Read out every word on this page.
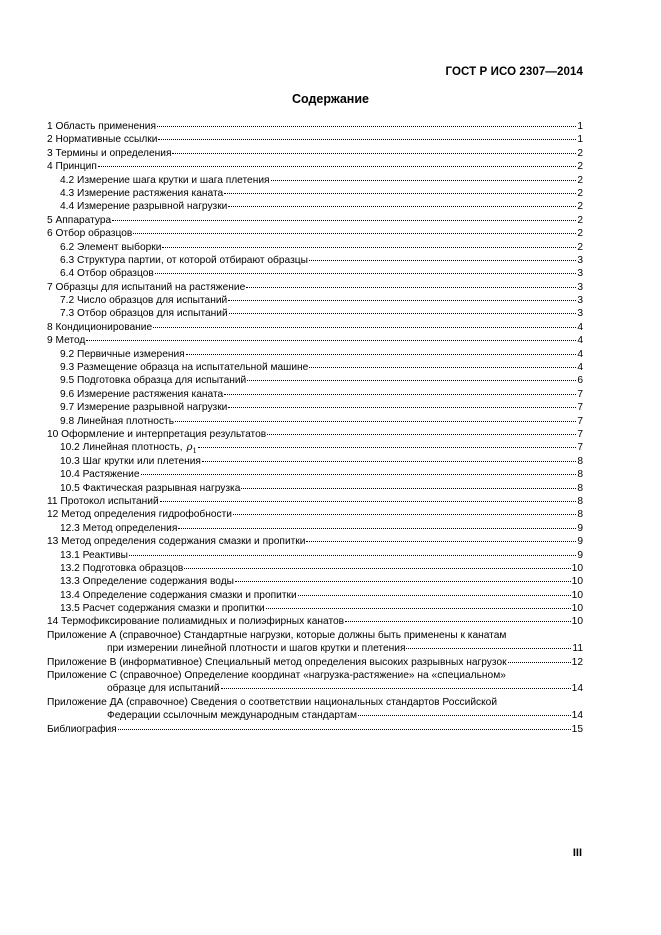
ГОСТ Р ИСО 2307—2014
Содержание
1 Область применения	1
2 Нормативные ссылки	1
3 Термины и определения	2
4 Принцип	2
4.2 Измерение шага крутки и шага плетения	2
4.3 Измерение растяжения каната	2
4.4 Измерение разрывной нагрузки	2
5 Аппаратура	2
6 Отбор образцов	2
6.2 Элемент выборки	2
6.3 Структура партии, от которой отбирают образцы	3
6.4 Отбор образцов	3
7 Образцы для испытаний на растяжение	3
7.2 Число образцов для испытаний	3
7.3 Отбор образцов для испытаний	3
8 Кондиционирование	4
9 Метод	4
9.2 Первичные измерения	4
9.3 Размещение образца на испытательной машине	4
9.5 Подготовка образца для испытаний	6
9.6 Измерение растяжения каната	7
9.7 Измерение разрывной нагрузки	7
9.8 Линейная плотность	7
10 Оформление и интерпретация результатов	7
10.2 Линейная плотность, $\rho_1$	7
10.3 Шаг крутки или плетения	8
10.4 Растяжение	8
10.5 Фактическая разрывная нагрузка	8
11 Протокол испытаний	8
12 Метод определения гидрофобности	8
12.3 Метод определения	9
13 Метод определения содержания смазки и пропитки	9
13.1 Реактивы	9
13.2 Подготовка образцов	10
13.3 Определение содержания воды	10
13.4 Определение содержания смазки и пропитки	10
13.5 Расчет содержания смазки и пропитки	10
14 Термофиксирование полиамидных и полиэфирных канатов	10
Приложение А (справочное) Стандартные нагрузки, которые должны быть применены к канатам
при измерении линейной плотности и шагов крутки и плетения	11
Приложение В (информативное) Специальный метод определения высоких разрывных нагрузок	12
Приложение С (справочное) Определение координат «нагрузка-растяжение» на «специальном»
образце для испытаний	14
Приложение ДА (справочное) Сведения о соответствии национальных стандартов Российской
Федерации ссылочным международным стандартам	14
Библиография	15
III
